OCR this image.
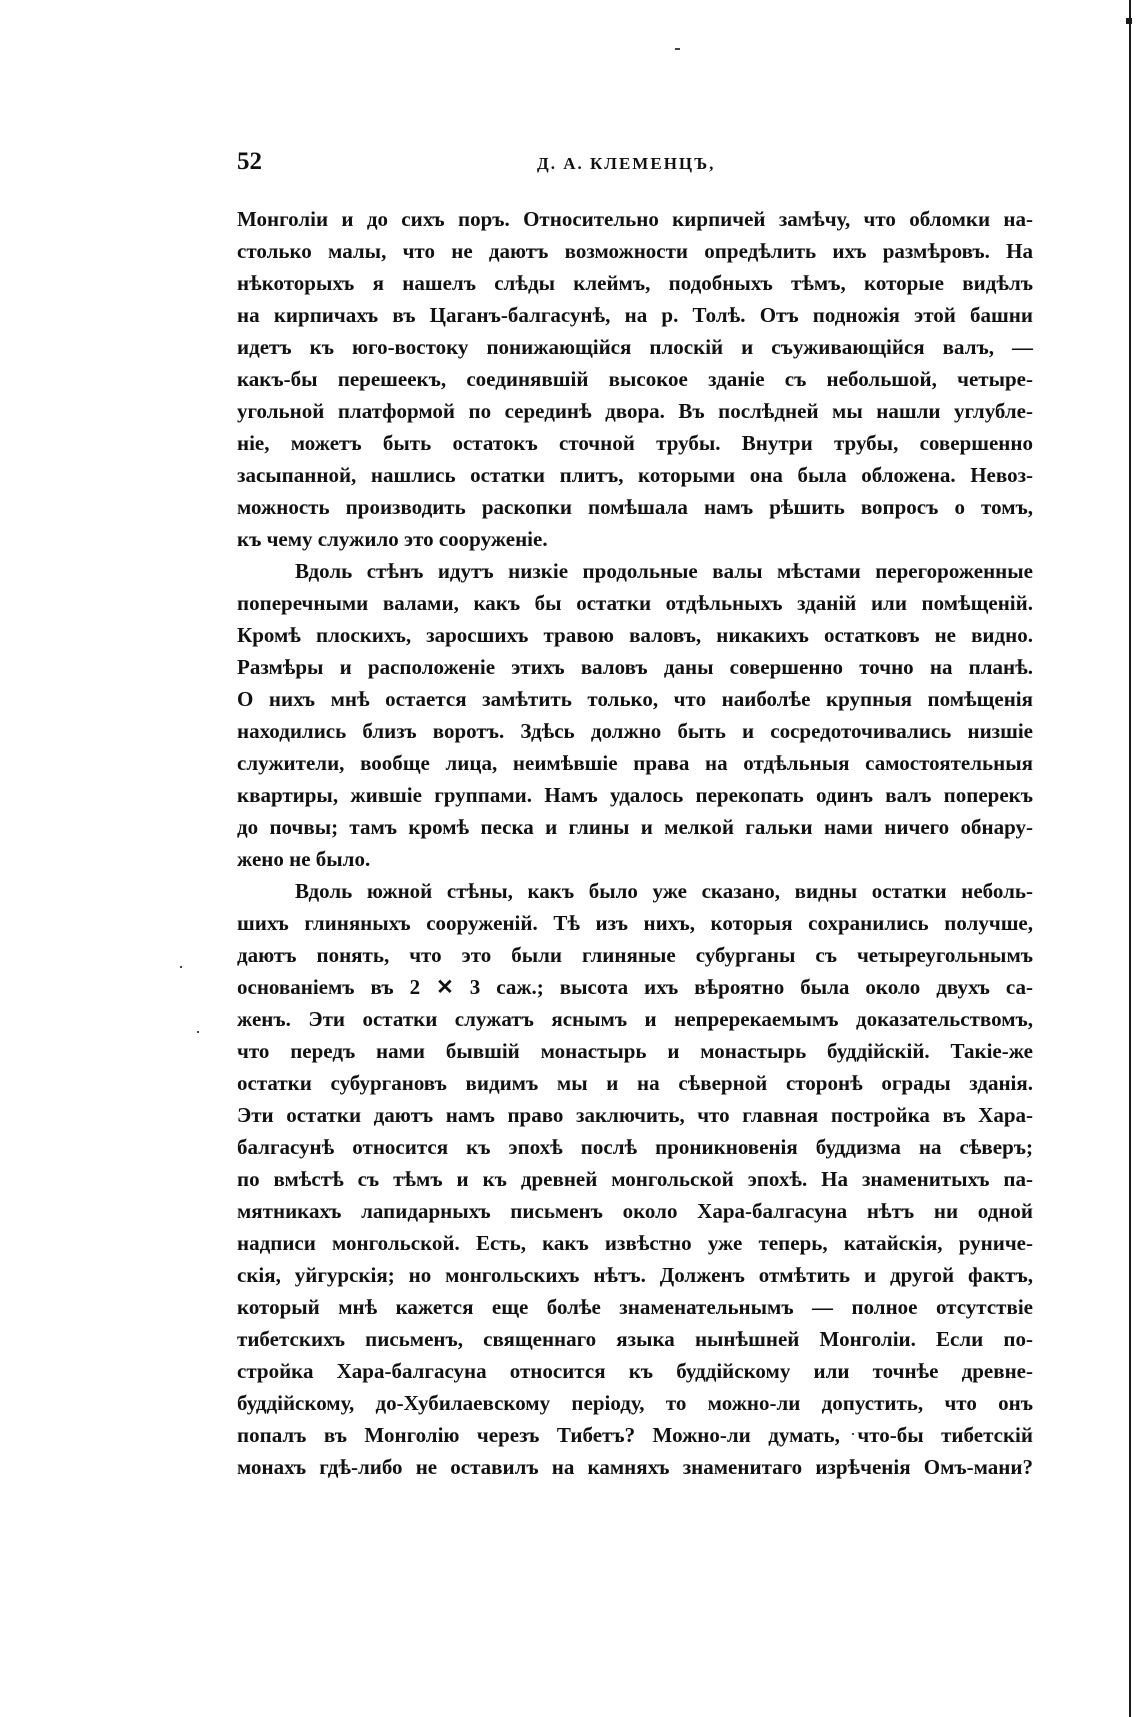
52	Д. А. КЛЕМЕНЦЪ,
Монголіи и до сихъ поръ. Относительно кирпичей замѣчу, что обломки на-
столько малы, что не даютъ возможности опредѣлить ихъ размѣровъ. На
нѣкоторыхъ я нашелъ слѣды клеймъ, подобныхъ тѣмъ, которые видѣлъ
на кирпичахъ въ Цаганъ-балгасунѣ, на р. Толѣ. Отъ подножія этой башни
идетъ къ юго-востоку понижающійся плоскій и съуживающійся валъ, —
какъ-бы перешеекъ, соединявшій высокое зданіе съ небольшой, четыре-
угольной платформой по серединѣ двора. Въ послѣдней мы нашли углубле-
ніе, можетъ быть остатокъ сточной трубы. Внутри трубы, совершенно
засыпанной, нашлись остатки плитъ, которыми она была обложена. Невоз-
можность производить раскопки помѣшала намъ рѣшить вопросъ о томъ,
къ чему служило это сооруженіе.
Вдоль стѣнъ идутъ низкіе продольные валы мѣстами перегороженные
поперечными валами, какъ бы остатки отдѣльныхъ зданій или помѣщеній.
Кромѣ плоскихъ, заросшихъ травою валовъ, никакихъ остатковъ не видно.
Размѣры и расположеніе этихъ валовъ даны совершенно точно на планѣ.
О нихъ мнѣ остается замѣтить только, что наиболѣе крупныя помѣщенія
находились близъ воротъ. Здѣсь должно быть и сосредоточивались низшіе
служители, вообще лица, неимѣвшіе права на отдѣльныя самостоятельныя
квартиры, жившіе группами. Намъ удалось перекопать одинъ валъ поперекъ
до почвы; тамъ кромѣ песка и глины и мелкой гальки нами ничего обнару-
жено не было.
Вдоль южной стѣны, какъ было уже сказано, видны остатки неболь-
шихъ глиняныхъ сооруженій. Тѣ изъ нихъ, которыя сохранились получше,
даютъ понять, что это были глиняные субурганы съ четыреугольнымъ
основаніемъ въ 2 ✕ 3 саж.; высота ихъ вѣроятно была около двухъ са-
женъ. Эти остатки служатъ яснымъ и непререкаемымъ доказательствомъ,
что передъ нами бывшій монастырь и монастырь буддійскій. Такіе-же
остатки субургановъ видимъ мы и на сѣверной сторонѣ ограды зданія.
Эти остатки даютъ намъ право заключить, что главная постройка въ Хара-
балгасунѣ относится къ эпохѣ послѣ проникновенія буддизма на сѣверъ;
по вмѣстѣ съ тѣмъ и къ древней монгольской эпохѣ. На знаменитыхъ па-
мятникахъ лапидарныхъ письменъ около Хара-балгасуна нѣтъ ни одной
надписи монгольской. Есть, какъ извѣстно уже теперь, катайскія, руниче-
скія, уйгурскія; но монгольскихъ нѣтъ. Долженъ отмѣтить и другой фактъ,
который мнѣ кажется еще болѣе знаменательнымъ — полное отсутствіе
тибетскихъ письменъ, священнаго языка нынѣшней Монголіи. Если по-
стройка Хара-балгасуна относится къ буддійскому или точнѣе древне-
буддійскому, до-Хубилаевскому періоду, то можно-ли допустить, что онъ
попалъ въ Монголію черезъ Тибетъ? Можно-ли думать, что-бы тибетскій
монахъ гдѣ-либо не оставилъ на камняхъ знаменитаго изрѣченія Омъ-мани?
